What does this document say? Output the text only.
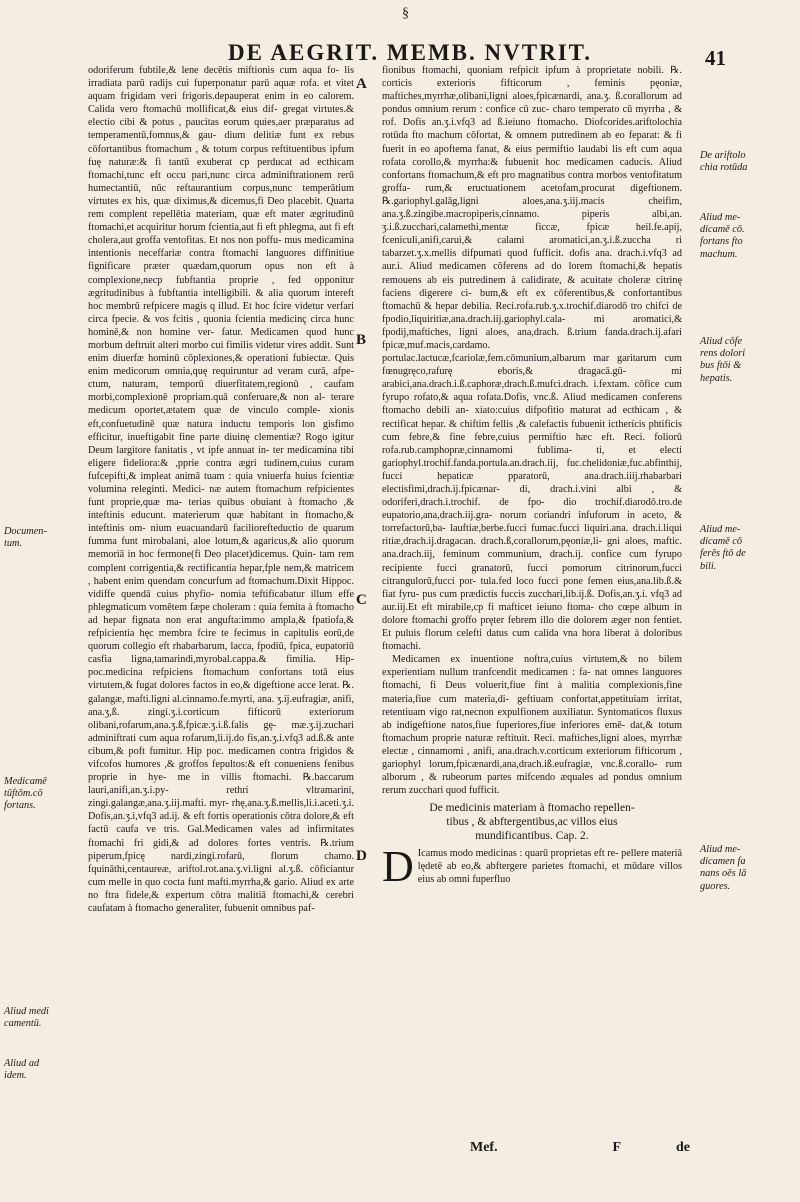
§
DE AEGRIT. MEMB. NVTRIT.	41
Documen-
tum.
Medicamē
tūftōm.cō
fortans.
Aliud medi
camentū.
Aliud ad
idem.
De ariftolo
chia rotūda
Aliud me-
dicamē cō.
fortans fto
machum.
Aliud cōfe
rens dolori
bus ftōi &
hepatis.
Aliud me-
dicamē cō
ferēs ftō de
bili.
Aliud me-
dicamen fa
nans oēs lā
guores.
A
B
C
D

odoriferum fubtile,& lene decētis miftionis cum aqua fo- lis irradiata parū radijs cui fuperponatur parū aquæ rofa. et vitet aquam frigidam veri frigoris.depauperat enim in eo calorem. Calida vero ftomachū mollificat,& eius dif- gregat virtutes.& electio cibi & potus , paucitas eorum quies,aer præparatus ad temperamentū,fomnus,& gau- dium delitiæ funt ex rebus cōfortantibus ftomachum , & totum corpus reftituentibus ipfum fuę naturæ:& fi tantū exuberat cp perducat ad ecthicam ftomachi,tunc eft occu pari,nunc circa adminiftrationem rerū humectantiū, nūc reftaurantium corpus,nunc temperātium virtutes ex his, quæ diximus,& dicemus,fi Deo placebit. Quarta rem complent repellētia materiam, quæ eft mater ægritudinū ftomachi,et acquiritur horum fcientia,aut fi eft phlegma, aut fi eft cholera,aut groffa ventofitas. Et nos non poffu- mus medicamina intentionis neceffariæ contra ftomachi languores diffinitiue fignificare præter quædam,quorum opus non eft à complexione,necp fubftantia proprie , fed opponitur ægritudinibus à fubftantia intelligibili. & alia quorum intereft hoc membrū refpicere magis q illud. Et hoc fcire videtur verfari circa fpecie. & vos fcitis , quonia fcientia medicinç circa hunc hominē,& non homine ver- fatur. Medicamen quod hunc morbum deftruit alteri morbo cui fimilis videtur vires addit. Sunt enim diuerfæ hominū cōplexiones,& operationi fubiectæ. Quis enim medicorum omnia,quę requiruntur ad veram curā, afpe- ctum, naturam, temporū diuerfitatem,regionū , caufam morbi,complexionē propriam.quā conferuare,& non al- terare medicum oportet,ætatem quæ de vinculo comple- xionis eft,confuetudinē quæ natura inductu temporis lon gisfimo efficitur, inueftigabit fine parte diuinę clementiæ? Rogo igitur Deum largitore fanitatis , vt ipfe annuat in- ter medicamina tibi eligere fideliora:& ,pprie contra ægri tudinem,cuius curam fufcepifti,& impleat animā tuam : quia vniuerfa huius fcientiæ volumina releginti. Medici- næ autem ftomachum refpicientes funt proprie,quæ ma- terias quibus obuiant à ftomacho ,& inteftinis educunt. materierum quæ habitant in ftomacho,& inteftinis om- nium euacuandarū faciliorefteductio de quarum fumma funt mirobalani, aloe lotum,& agaricus,& alio quorum memoriā in hoc fermone(fi Deo placet)dicemus. Quin- tam rem complent corrigentia,& rectificantia hepar,fple nem,& matricem , habent enim quendam concurfum ad ftomachum.Dixit Hippoc. vidiffe quendā cuius phyfio- nomia teftificabatur illum effe phlegmaticum vomētem fæpe choleram : quia femita à ftomacho ad hepar fignata non erat angufta:immo ampla,& fpatiofa,& refpicientia hęc membra fcire te fecimus in capitulis eorū,de quorum collegio eft rhabarbarum, lacca, fpodiū, fpica, eupatoriū casfia ligna,tamarindi,myrobal.cappa.& fimilia. Hip- poc.medicina refpiciens ftomachum confortans totā eius virtutem,& fugat dolores factos in eo,& digeftione acce lerat. ℞. galangæ, mafti.ligni al.cinnamo.fe.myrti, ana. ʒ.ij.eufragiæ, anifi, ana.ʒ,ß. zingi.ʒ.i.corticum fifticorū exteriorum olibani,rofarum,ana.ʒ.ß,fpicæ.ʒ.i.ß.falis gę- mæ.ʒ.ij.zuchari adminiftrati cum aqua rofarum,li.ij.do fis,an.ʒ.i.vfq3 ad.ß.& ante cibum,& poft fumitur. Hip poc. medicamen contra frigidos & vifcofos humores ,& groffos fepultos:& eft conueniens fenibus proprie in hye- me in villis ftomachi. ℞.baccarum lauri,anifi,an.ʒ.i.py- rethri vltramarini, zingi.galangæ,ana.ʒ.iij.mafti. myr- rhę,ana.ʒ.ß.mellis,li.i.aceti.ʒ.i. Dofis,an.ʒ.i,vfq3 ad.ij. & eft fortis operationis cōtra dolore,& eft factū caufa ve tris. Gal.Medicamen vales ad infirmitates ftomachi fri gidi,& ad dolores fortes ventris. ℞.trium piperum,fpicę nardi,zingi.rofarū, florum chamo. fquināthi,centaureæ, ariftol.rot.ana.ʒ.vi.ligni al.ʒ.ß. cōficiantur cum melle in quo cocta funt mafti.myrrha,& gario. Aliud ex arte no ftra fidele,& expertum cōtra malitiā ftomachi,& cerebri caufatam à ftomacho generaliter, fubuenit omnibus paf-

fionibus ftomachi, quoniam refpicit ipfum à proprietate nobili. ℞. corticis exterioris fifticorum , feminis pęoniæ, maftiches,myrrhæ,olibani,ligni aloes,fpicænardi, ana.ʒ. ß.corallorum ad pondus omnium rerum : confice cū zuc- charo temperato cū myrrha , & rof. Dofis an.ʒ.i.vfq3 ad ß.ieiuno ftomacho. Diofcorides.ariftolochia rotūda fto machum cōfortat, & omnem putredinem ab eo feparat: & fi fuerit in eo apoftema fanat, & eius permiftio laudabi lis eft cum aqua rofata corollo,& myrrha:& fubuenit hoc medicamen caducis. Aliud confortans ftomachum,& eft pro magnatibus contra morbos ventofitatum groffa- rum,& eructuationem acetofam,procurat digeftionem. ℞.gariophyl.galāg,ligni aloes,ana.ʒ.iij.macis cheifim, ana.ʒ.ß.zingibe.macropiperis,cinnamo. piperis albi,an. ʒ.i.ß.zucchari,calamethi,mentæ ficcæ, fpicæ heil.fe.apij, fceniculi,anifi,carui,& calami aromatici,an.ʒ.i.ß.zuccha ri tabarzet.ʒ.x.mellis difpumati quod fufficit. dofis ana. drach.i.vfq3 ad aur.i. Aliud medicamen cōferens ad do lorem ftomachi,& hepatis remouens ab eis putredinem à calidirate, & acuitate choleræ citrinę faciens digerere ci- bum,& eft ex cōferentibus,& confortantibus ftomachū & hepar debilia. Reci.rofa.rub.ʒ.x.trochif.diarodō tro chifci de fpodio,liquiritiæ,ana.drach.iij.gariophyl.cala- mi aromatici,& fpodij,maftiches, ligni aloes, ana,drach. ß.trium fanda.drach.ij.afari fpicæ,muf.macis,cardamo. portulac.lactucæ,fcariolæ,fem.cōmunium,albarum mar garitarum cum fœnugręco,rafurę eboris,& dragacā.gū- mi arabici,ana.drach.i.ß.caphoræ,drach.ß.mufci.drach. i.fextam. cōfice cum fyrupo rofato,& aqua rofata.Dofis, vnc.ß. Aliud medicamen conferens ftomacho debili an- xiato:cuius difpofitio maturat ad ecthicam , & rectificat hepar. & chiftim fellis ,& calefactis fubuenit ictherícis phtificis cum febre,& fine febre,cuius permiftio hæc eft. Reci. foliorū rofa.rub.camphopræ,cinnamomi fublima- ti, et electi gariophyl.trochif.fanda.portula.an.drach.iij, fuc.chelidoniæ,fuc.abfinthij, fucci hepaticæ pparatorū, ana.drach.iiij.rhabarbari electisfimi,drach.ij.fpicænar- di, drach.i.vini albi , & odoriferi,drach.i.trochif. de fpo- dio trochif.diarodō.tro.de eupatorio,ana,drach.iij.gra- norum coriandri infuforum in aceto, & torrefactorū,ba- lauftiæ,berbe.fucci fumac.fucci liquiri.ana. drach.i.liqui ritiæ,drach.ij.dragacan. drach.ß,corallorum,pęoniæ,li- gni aloes, maftic. ana.drach.iij, feminum communium, drach.ij. confice cum fyrupo recipiente fucci granatorū, fucci pomorum citrinorum,fucci citrangulorū,fucci por- tula.fed loco fucci pone femen eius,ana.lib.ß.& fiat fyru- pus cum prædictis fuccis zucchari,lib.ij.ß. Dofis,an.ʒ.i. vfq3 ad aur.iij.Et eft mirabile,cp fi mafticet ieiuno ftoma- cho cœpe album in dolore ftomachi groffo pręter febrem illo die dolorem æger non fentiet. Et puluis florum celefti datus cum calida vna hora liberat à doloribus ftomachi.

Medicamen ex inuentione noftra,cuius virtutem,& no bilem experientiam nullum tranfcendit medicamen : fa- nat omnes languores ftomachi, fi Deus voluerit,fiue fint à malitia complexionis,fine materia,fiue cum materia,di- geftiuam confortat,appetituiam irritat, retentiuam vigo rat,necnon expulfionem auxiliatur. Syntomaticos fluxus ab indigeftione natos,fiue fuperiores,fiue inferiores emē- dat,& totum ftomachum proprie naturæ reftituit. Reci. maftiches,ligni aloes, myrrhæ electæ , cinnamomi , anifi, ana.drach.v.corticum exteriorum fifticorum , gariophyl lorum,fpicænardi,ana,drach.iß.eufragiæ, vnc.ß.corallo- rum alborum , & rubeorum partes mifcendo æquales ad pondus omnium rerum zucchari quod fufficit.

De medicinis materiam à ftomacho repellen-
tibus , & abftergentibus,ac villos eius
mundificantibus. Cap. 2.
D Icamus modo medicinas : quarū proprietas eft re- pellere materiā lędetē ab eo,& abftergere parietes ftomachi, et mūdare villos eius ab omni fuperfluo
Mef.	F	de
